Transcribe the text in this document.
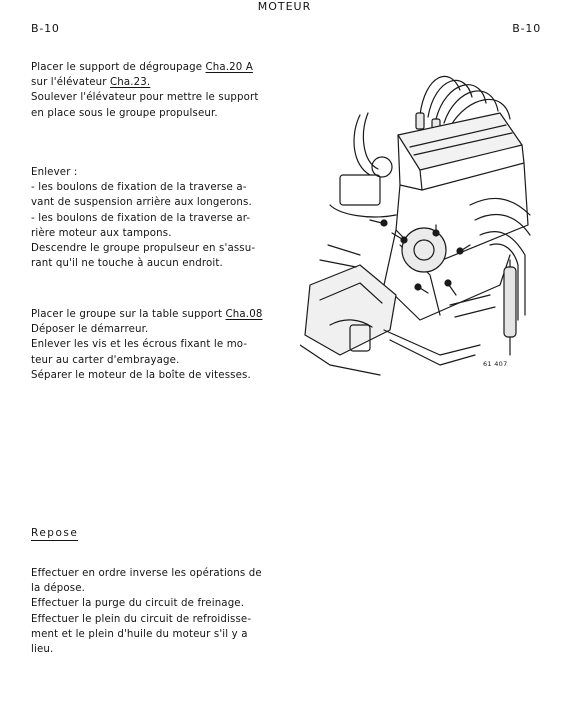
B-10
MOTEUR
B-10

Placer le support de dégroupage Cha.20 A

sur l'élévateur Cha.23.

Soulever l'élévateur pour mettre le support

en place sous le groupe propulseur.

Enlever :

- les boulons de fixation de la traverse a-

vant de suspension arrière aux longerons.

- les boulons de fixation de la traverse ar-

rière moteur aux tampons.

Descendre le groupe propulseur en s'assu-

rant qu'il ne touche à aucun endroit.

Placer le groupe sur la table support Cha.08

Déposer le démarreur.

Enlever les vis et les écrous fixant le mo-

teur au carter d'embrayage.

Séparer le moteur de la boîte de vitesses.

61 407
Repose

Effectuer en ordre inverse les opérations de

la dépose.

Effectuer la purge du circuit de freinage.

Effectuer le plein du circuit de refroidisse-

ment et le plein d'huile du moteur s'il y a

lieu.
